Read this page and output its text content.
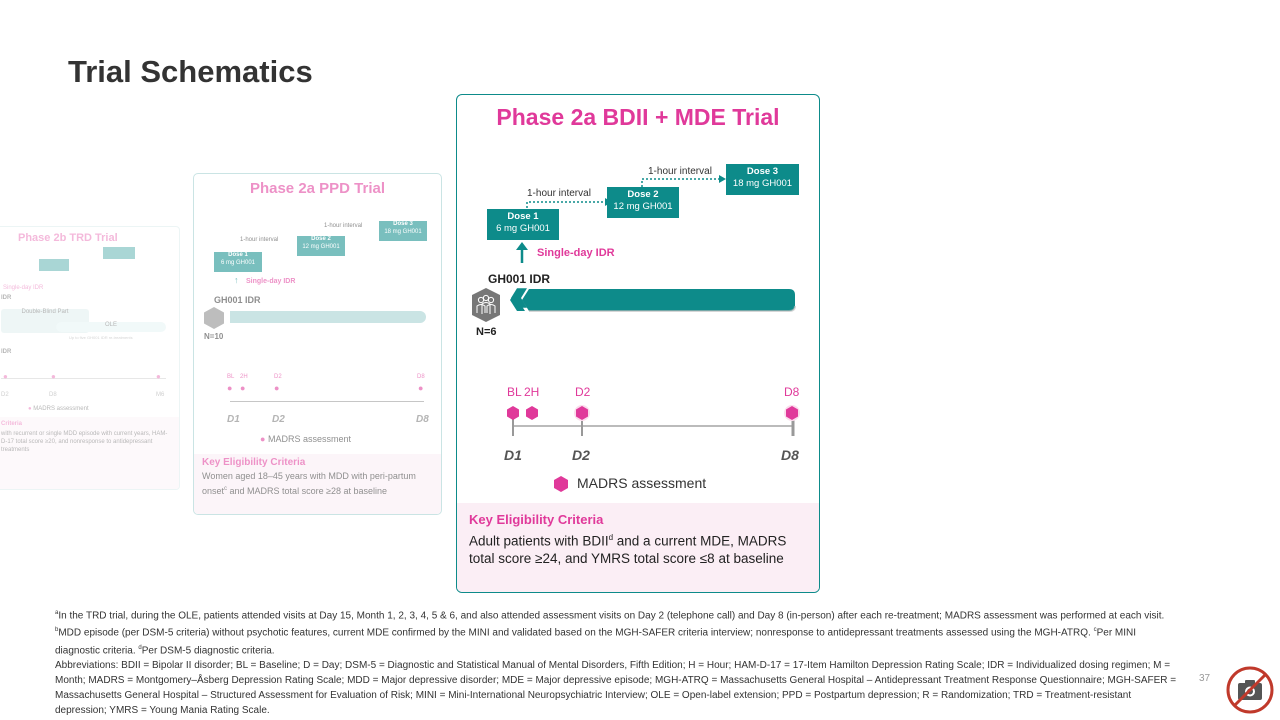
Trial Schematics
Phase 2b TRD Trial
Single-day IDR
IDR
Double-Blind Part
OLE
Up to five GH001 IDR re-treatments
IDR
●	●	●
D2	D8	M6
● MADRS assessment
Criteria
with recurrent or single MDD episode with current years, HAM-D-17 total score ≥20, and nonresponse to antidepressant treatments
Phase 2a PPD Trial
1-hour interval
1-hour interval
Dose 1
6 mg GH001
Dose 2
12 mg GH001
Dose 3
18 mg GH001
↑ Single-day IDR
GH001 IDR
N=10
BL 2H	D2	D8
● ●	●	●
D1	D2	D8
● MADRS assessment
Key Eligibility Criteria
Women aged 18–45 years with MDD with peri-partum onset$^c$ and MADRS total score ≥28 at baseline
Phase 2a BDII + MDE Trial
1-hour interval
1-hour interval
Dose 1
6 mg GH001
Dose 2
12 mg GH001
Dose 3
18 mg GH001
Single-day IDR
GH001 IDR
N=6
BL 2H	D2	D8
D1	D2	D8
MADRS assessment
Key Eligibility Criteria
Adult patients with BDII$^d$ and a current MDE, MADRS total score ≥24, and YMRS total score ≤8 at baseline

$^a$In the TRD trial, during the OLE, patients attended visits at Day 15, Month 1, 2, 3, 4, 5 & 6, and also attended assessment visits on Day 2 (telephone call) and Day 8 (in-person) after each re-treatment; MADRS assessment was performed at each visit. $^b$MDD episode (per DSM-5 criteria) without psychotic features, current MDE confirmed by the MINI and validated based on the MGH-SAFER criteria interview; nonresponse to antidepressant treatments assessed using the MGH-ATRQ. $^c$Per MINI diagnostic criteria. $^d$Per DSM-5 diagnostic criteria.

Abbreviations: BDII = Bipolar II disorder; BL = Baseline; D = Day; DSM-5 = Diagnostic and Statistical Manual of Mental Disorders, Fifth Edition; H = Hour; HAM-D-17 = 17-Item Hamilton Depression Rating Scale; IDR = Individualized dosing regimen; M = Month; MADRS = Montgomery–Åsberg Depression Rating Scale; MDD = Major depressive disorder; MDE = Major depressive episode; MGH-ATRQ = Massachusetts General Hospital – Antidepressant Treatment Response Questionnaire; MGH-SAFER = Massachusetts General Hospital – Structured Assessment for Evaluation of Risk; MINI = Mini-International Neuropsychiatric Interview; OLE = Open-label extension; PPD = Postpartum depression; R = Randomization; TRD = Treatment-resistant depression; YMRS = Young Mania Rating Scale.

37
